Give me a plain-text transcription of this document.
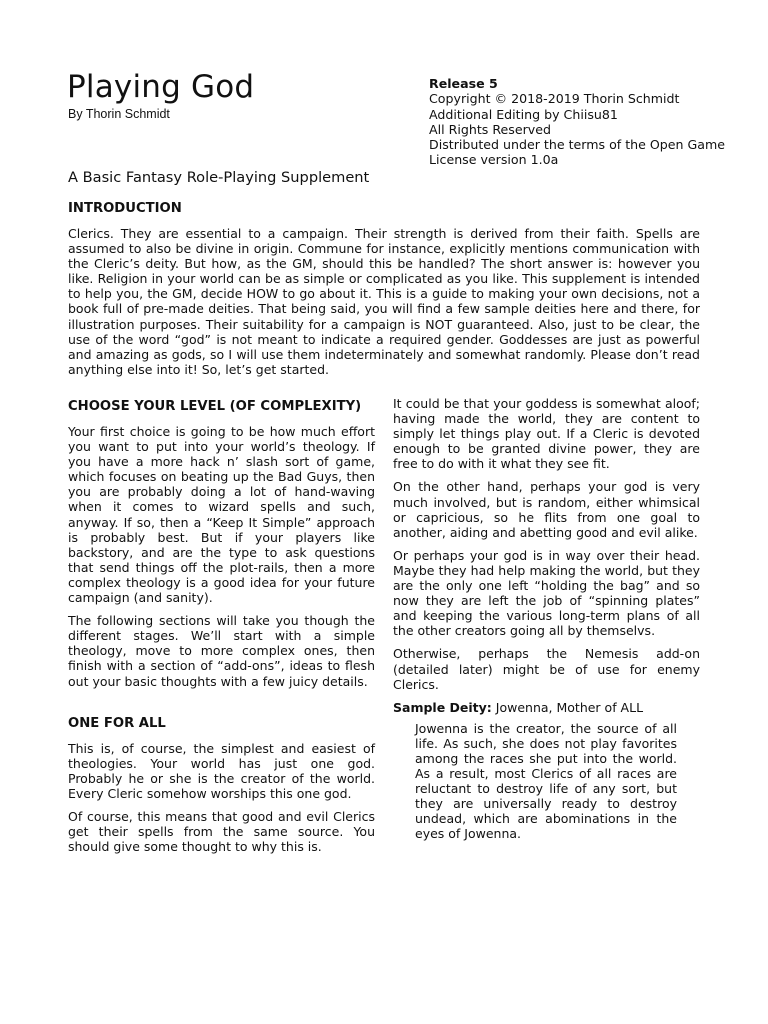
Playing God
By Thorin Schmidt
Release 5
Copyright © 2018-2019 Thorin Schmidt
Additional Editing by Chiisu81
All Rights Reserved
Distributed under the terms of the Open Game License version 1.0a
A Basic Fantasy Role-Playing Supplement
INTRODUCTION

Clerics. They are essential to a campaign. Their strength is derived from their faith. Spells are assumed to also be divine in origin. Commune for instance, explicitly mentions communication with the Cleric’s deity. But how, as the GM, should this be handled? The short answer is: however you like. Religion in your world can be as simple or complicated as you like. This supplement is intended to help you, the GM, decide HOW to go about it. This is a guide to making your own decisions, not a book full of pre-made deities. That being said, you will find a few sample deities here and there, for illustration purposes. Their suitability for a campaign is NOT guaranteed. Also, just to be clear, the use of the word “god” is not meant to indicate a required gender. Goddesses are just as powerful and amazing as gods, so I will use them indeterminately and somewhat randomly. Please don’t read anything else into it! So, let’s get started.

CHOOSE YOUR LEVEL (OF COMPLEXITY)

Your first choice is going to be how much effort you want to put into your world’s theology. If you have a more hack n’ slash sort of game, which focuses on beating up the Bad Guys, then you are probably doing a lot of hand-waving when it comes to wizard spells and such, anyway. If so, then a “Keep It Simple” approach is probably best. But if your players like backstory, and are the type to ask questions that send things off the plot-rails, then a more complex theology is a good idea for your future campaign (and sanity).

The following sections will take you though the different stages. We’ll start with a simple theology, move to more complex ones, then finish with a section of “add-ons”, ideas to flesh out your basic thoughts with a few juicy details.

ONE FOR ALL

This is, of course, the simplest and easiest of theologies. Your world has just one god. Probably he or she is the creator of the world. Every Cleric somehow worships this one god.

Of course, this means that good and evil Clerics get their spells from the same source. You should give some thought to why this is.

It could be that your goddess is somewhat aloof; having made the world, they are content to simply let things play out. If a Cleric is devoted enough to be granted divine power, they are free to do with it what they see fit.

On the other hand, perhaps your god is very much involved, but is random, either whimsical or capricious, so he flits from one goal to another, aiding and abetting good and evil alike.

Or perhaps your god is in way over their head. Maybe they had help making the world, but they are the only one left “holding the bag” and so now they are left the job of “spinning plates” and keeping the various long-term plans of all the other creators going all by themselvs.

Otherwise, perhaps the Nemesis add-on (detailed later) might be of use for enemy Clerics.

Sample Deity: Jowenna, Mother of ALL

Jowenna is the creator, the source of all life. As such, she does not play favorites among the races she put into the world. As a result, most Clerics of all races are reluctant to destroy life of any sort, but they are universally ready to destroy undead, which are abominations in the eyes of Jowenna.
